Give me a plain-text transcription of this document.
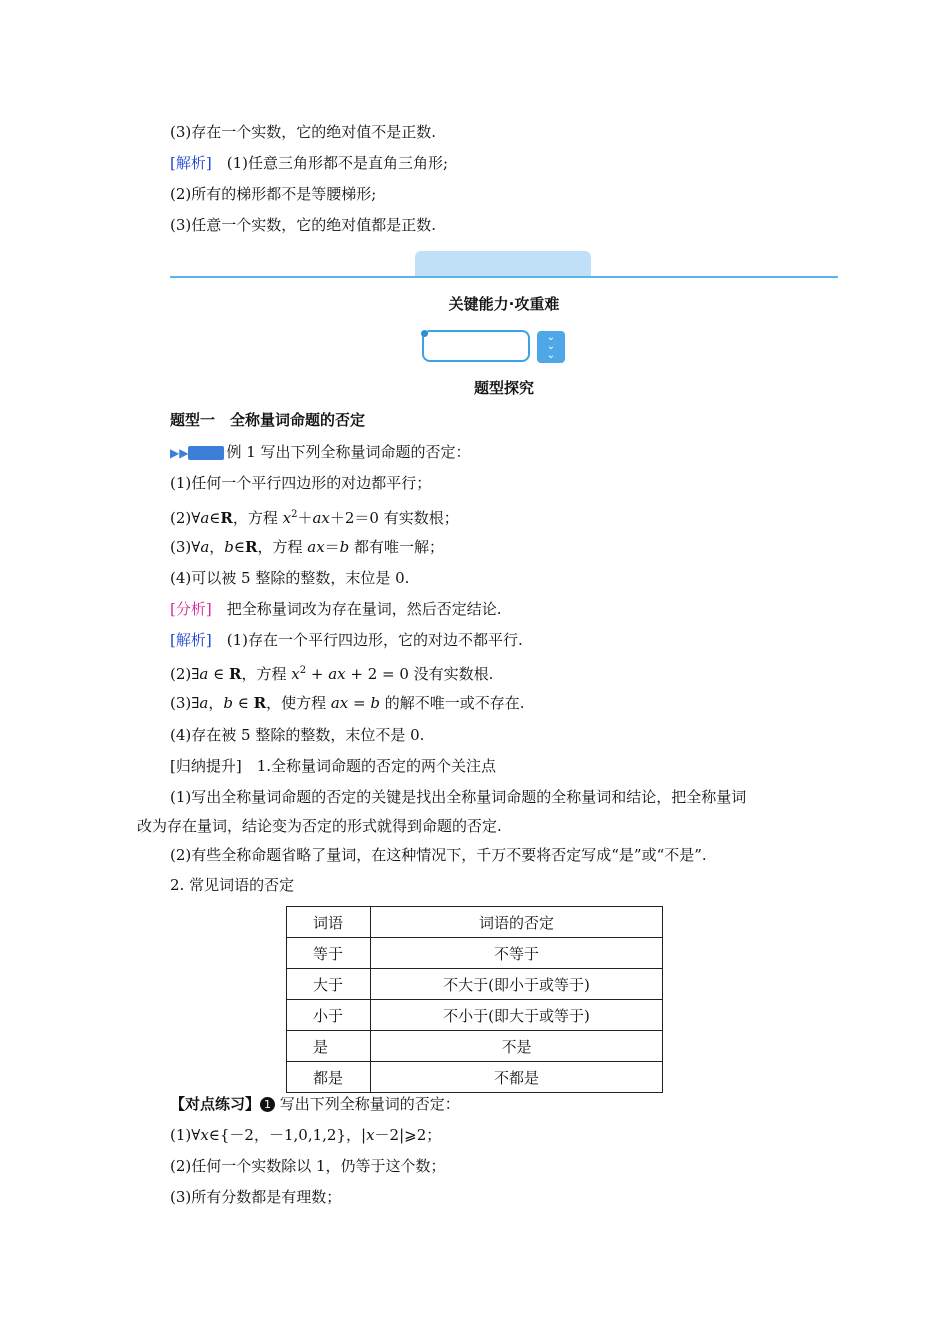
(3)存在一个实数，它的绝对值不是正数.
[解析]　(1)任意三角形都不是直角三角形;
(2)所有的梯形都不是等腰梯形;
(3)任意一个实数，它的绝对值都是正数.
关键能力·攻重难
⌄
⌄
⌄
题型探究
题型一　全称量词命题的否定
▶▶	例 1 写出下列全称量词命题的否定：
(1)任何一个平行四边形的对边都平行；
(2)∀a∈R，方程 $x^2+ax+2=0$ 有实数根；
(3)∀a，b∈R，方程 ax＝b 都有唯一解；
(4)可以被 5 整除的整数，末位是 0.
[分析]　把全称量词改为存在量词，然后否定结论.
[解析]　(1)存在一个平行四边形，它的对边不都平行.
(2)∃a ∈ R，方程 $x^2$ + ax + 2 = 0 没有实数根.
(3)∃a，b ∈ R，使方程 ax = b 的解不唯一或不存在.
(4)存在被 5 整除的整数，末位不是 0.
[归纳提升]　1.全称量词命题的否定的两个关注点
(1)写出全称量词命题的否定的关键是找出全称量词命题的全称量词和结论，把全称量词
改为存在量词，结论变为否定的形式就得到命题的否定.
(2)有些全称命题省略了量词，在这种情况下，千万不要将否定写成“是”或“不是”.
2. 常见词语的否定
词语	词语的否定
等于	不等于
大于	不大于(即小于或等于)
小于	不小于(即大于或等于)
是	不是
都是	不都是
【对点练习】 1 写出下列全称量词的否定：
(1)∀x∈{－2，－1,0,1,2}，|x－2|⩾2；
(2)任何一个实数除以 1，仍等于这个数；
(3)所有分数都是有理数；
